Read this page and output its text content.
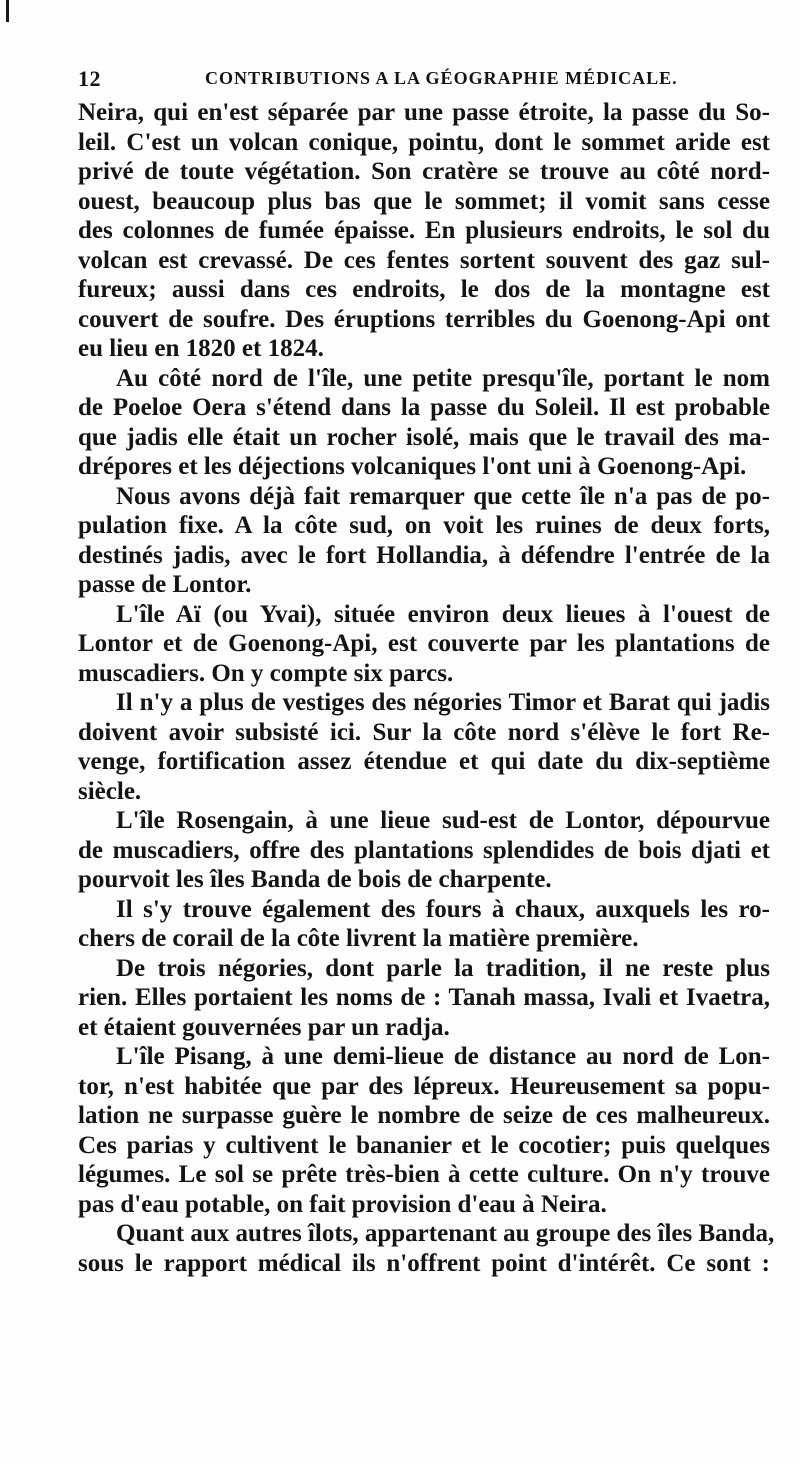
12	CONTRIBUTIONS A LA GÉOGRAPHIE MÉDICALE.
Neira, qui en'est séparée par une passe étroite, la passe du So-
leil. C'est un volcan conique, pointu, dont le sommet aride est
privé de toute végétation. Son cratère se trouve au côté nord-
ouest, beaucoup plus bas que le sommet; il vomit sans cesse
des colonnes de fumée épaisse. En plusieurs endroits, le sol du
volcan est crevassé. De ces fentes sortent souvent des gaz sul-
fureux; aussi dans ces endroits, le dos de la montagne est
couvert de soufre. Des éruptions terribles du Goenong-Api ont
eu lieu en 1820 et 1824.
Au côté nord de l'île, une petite presqu'île, portant le nom
de Poeloe Oera s'étend dans la passe du Soleil. Il est probable
que jadis elle était un rocher isolé, mais que le travail des ma-
drépores et les déjections volcaniques l'ont uni à Goenong-Api.
Nous avons déjà fait remarquer que cette île n'a pas de po-
pulation fixe. A la côte sud, on voit les ruines de deux forts,
destinés jadis, avec le fort Hollandia, à défendre l'entrée de la
passe de Lontor.
L'île Aï (ou Yvai), située environ deux lieues à l'ouest de
Lontor et de Goenong-Api, est couverte par les plantations de
muscadiers. On y compte six parcs.
Il n'y a plus de vestiges des négories Timor et Barat qui jadis
doivent avoir subsisté ici. Sur la côte nord s'élève le fort Re-
venge, fortification assez étendue et qui date du dix-septième
siècle.
L'île Rosengain, à une lieue sud-est de Lontor, dépourvue
de muscadiers, offre des plantations splendides de bois djati et
pourvoit les îles Banda de bois de charpente.
Il s'y trouve également des fours à chaux, auxquels les ro-
chers de corail de la côte livrent la matière première.
De trois négories, dont parle la tradition, il ne reste plus
rien. Elles portaient les noms de : Tanah massa, Ivali et Ivaetra,
et étaient gouvernées par un radja.
L'île Pisang, à une demi-lieue de distance au nord de Lon-
tor, n'est habitée que par des lépreux. Heureusement sa popu-
lation ne surpasse guère le nombre de seize de ces malheureux.
Ces parias y cultivent le bananier et le cocotier; puis quelques
légumes. Le sol se prête très-bien à cette culture. On n'y trouve
pas d'eau potable, on fait provision d'eau à Neira.
Quant aux autres îlots, appartenant au groupe des îles Banda,
sous le rapport médical ils n'offrent point d'intérêt. Ce sont :
